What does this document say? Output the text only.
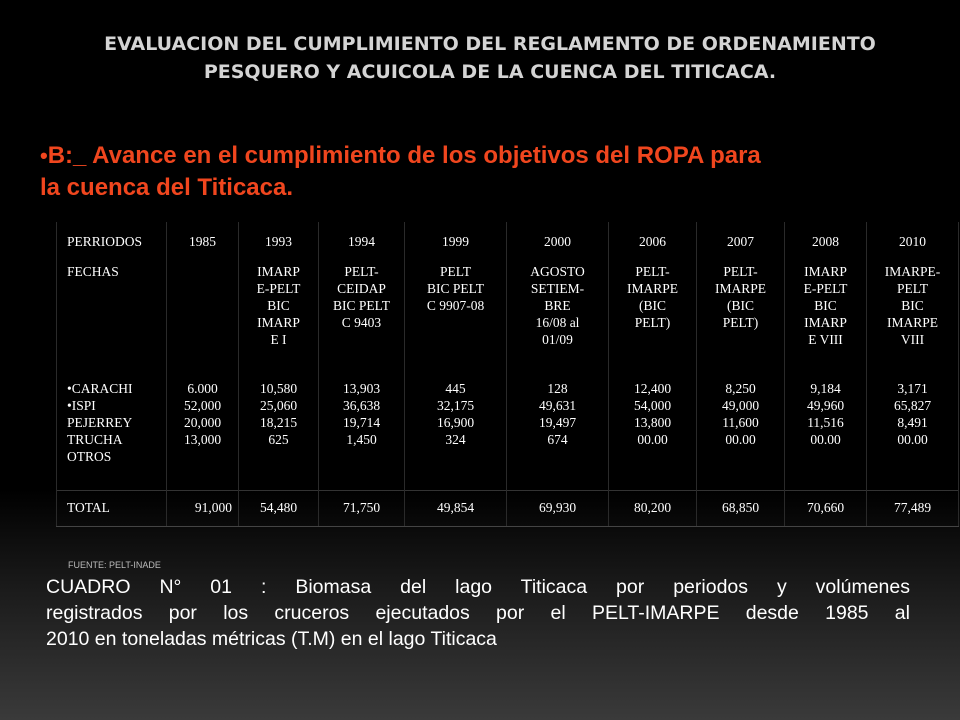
EVALUACION DEL CUMPLIMIENTO DEL REGLAMENTO DE ORDENAMIENTO
PESQUERO Y ACUICOLA DE LA CUENCA DEL TITICACA.
•B:_ Avance en el cumplimiento de los objetivos del ROPA para
la cuenca del Titicaca.
PERRIODOS	1985	1993	1994	1999	2000	2006	2007	2008	2010
FECHAS		IMARP
E-PELT
BIC
IMARP
E I	PELT-
CEIDAP
BIC PELT
C 9403	PELT
BIC PELT
C 9907-08	AGOSTO
SETIEM-
BRE
16/08 al
01/09	PELT-
IMARPE
(BIC
PELT)	PELT-
IMARPE
(BIC
PELT)	IMARP
E-PELT
BIC
IMARP
E VIII	IMARPE-
PELT
BIC
IMARPE
VIII

•CARACHI
•ISPI
PEJERREY
TRUCHA
OTROS	6.000
52,000
20,000
13,000	10,580
25,060
18,215
625	13,903
36,638
19,714
1,450	445
32,175
16,900
324	128
49,631
19,497
674	12,400
54,000
13,800
00.00	8,250
49,000
11,600
00.00	9,184
49,960
11,516
00.00	3,171
65,827
8,491
00.00

TOTAL	91,000	54,480	71,750	49,854	69,930	80,200	68,850	70,660	77,489

FUENTE: PELT-INADE

CUADRO N° 01 : Biomasa del lago Titicaca por periodos y volúmenes
registrados por los cruceros ejecutados por el PELT-IMARPE desde 1985 al
2010 en toneladas métricas (T.M) en el lago Titicaca
